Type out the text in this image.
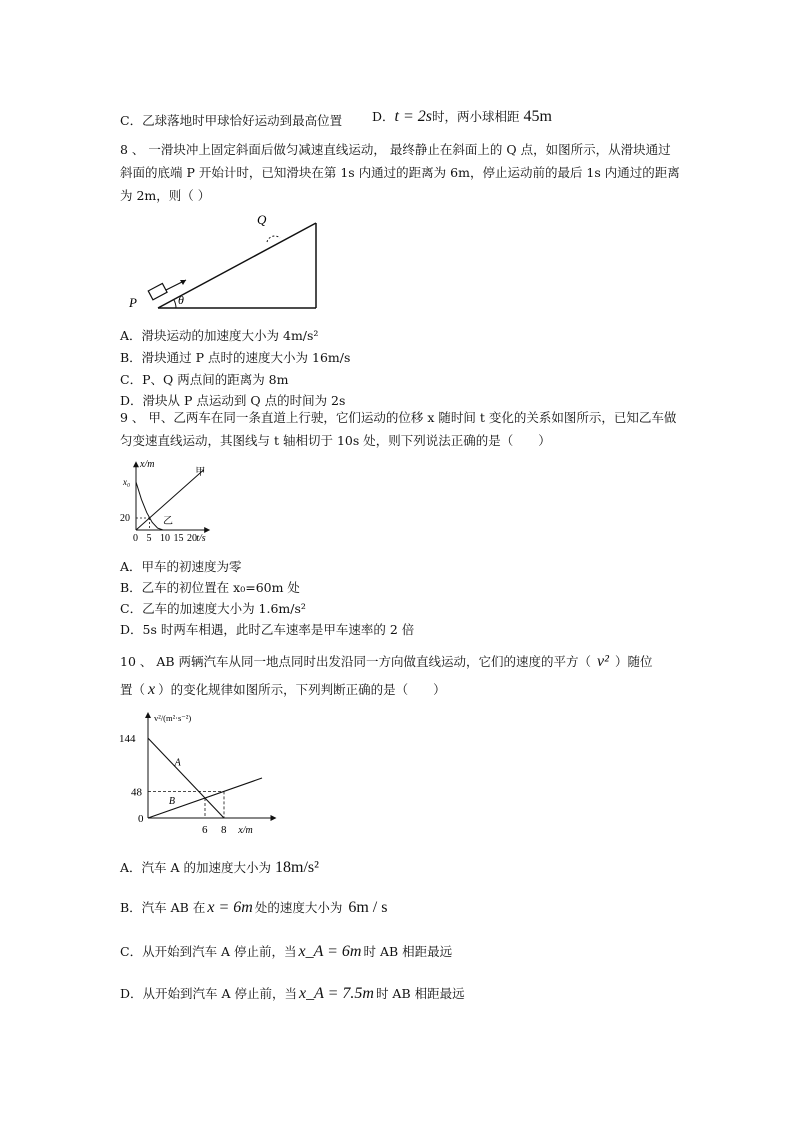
C．乙球落地时甲球恰好运动到最高位置 D．t = 2s时，两小球相距 45m
8 、 一滑块冲上固定斜面后做匀减速直线运动， 最终静止在斜面上的 Q 点，如图所示，从滑块通过斜面的底端 P 开始计时，已知滑块在第 1s 内通过的距离为 6m，停止运动前的最后 1s 内通过的距离为 2m，则（ ）
Q
P	θ
A．滑块运动的加速度大小为 4m/s²
B．滑块通过 P 点时的速度大小为 16m/s
C．P、Q 两点间的距离为 8m
D．滑块从 P 点运动到 Q 点的时间为 2s
9 、 甲、乙两车在同一条直道上行驶，它们运动的位移 x 随时间 t 变化的关系如图所示，已知乙车做匀变速直线运动，其图线与 t 轴相切于 10s 处，则下列说法正确的是（　　）
x/m
t/s
0 5 10 15 20
20
x₀
甲
乙
A．甲车的初速度为零
B．乙车的初位置在 x₀=60m 处
C．乙车的加速度大小为 1.6m/s²
D．5s 时两车相遇，此时乙车速率是甲车速率的 2 倍
10 、 AB 两辆汽车从同一地点同时出发沿同一方向做直线运动，它们的速度的平方（ v² ）随位
置（ x ）的变化规律如图所示，下列判断正确的是（　　）
v²/(m²·s⁻²)
x/m
0
6 8
48
144
A
B
A．汽车 A 的加速度大小为 18m/s²
B．汽车 AB 在 x = 6m 处的速度大小为 6m / s
C．从开始到汽车 A 停止前，当 x_A = 6m 时 AB 相距最远
D．从开始到汽车 A 停止前，当 x_A = 7.5m 时 AB 相距最远
